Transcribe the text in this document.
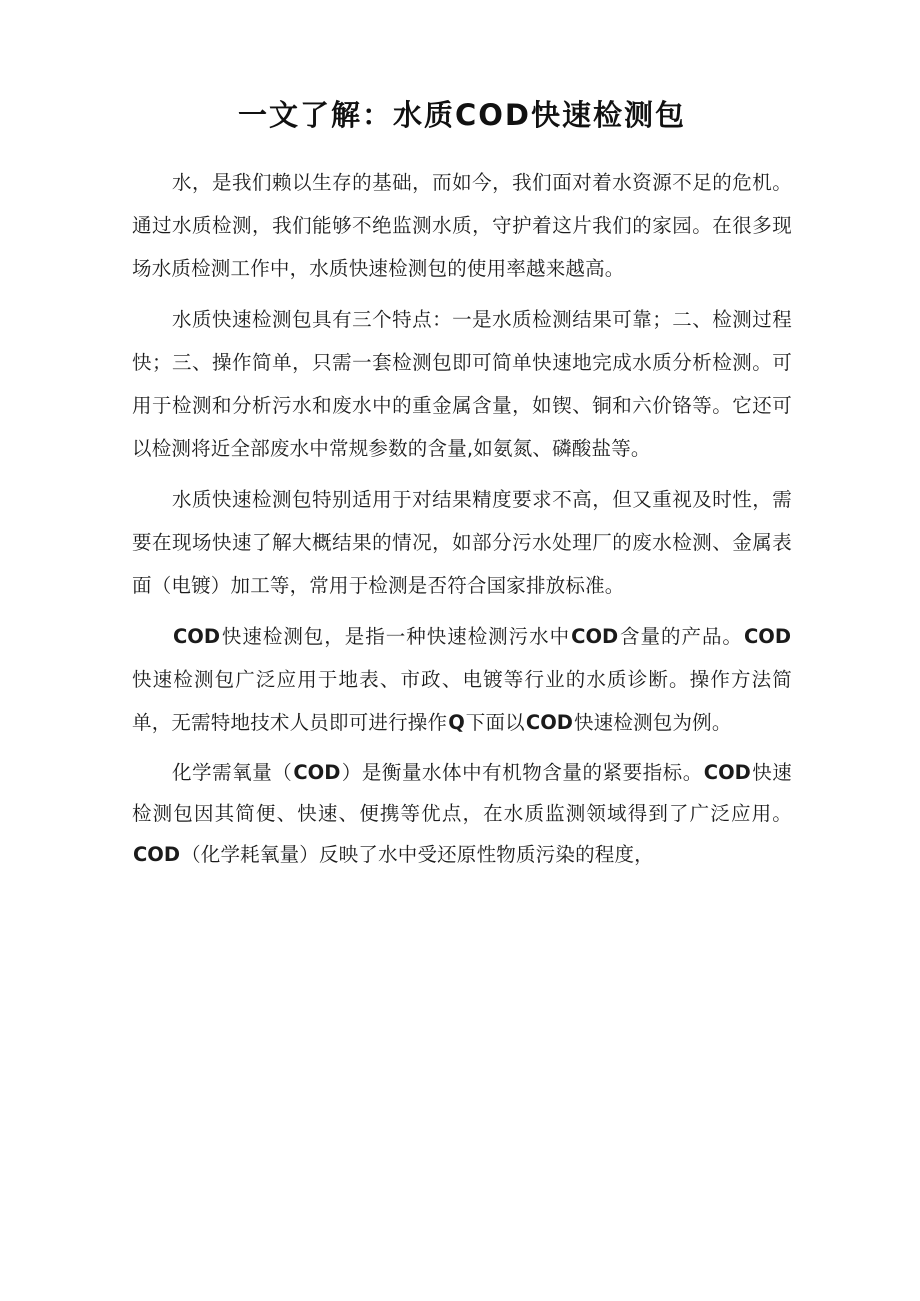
一文了解：水质COD快速检测包

水，是我们赖以生存的基础，而如今，我们面对着水资源不足的危机。通过水质检测，我们能够不绝监测水质，守护着这片我们的家园。在很多现场水质检测工作中，水质快速检测包的使用率越来越高。

水质快速检测包具有三个特点：一是水质检测结果可靠；二、检测过程快；三、操作简单，只需一套检测包即可简单快速地完成水质分析检测。可用于检测和分析污水和废水中的重金属含量，如锲、铜和六价铬等。它还可以检测将近全部废水中常规参数的含量,如氨氮、磷酸盐等。

水质快速检测包特别适用于对结果精度要求不高，但又重视及时性，需要在现场快速了解大概结果的情况，如部分污水处理厂的废水检测、金属表面（电镀）加工等，常用于检测是否符合国家排放标准。

COD快速检测包，是指一种快速检测污水中COD含量的产品。COD快速检测包广泛应用于地表、市政、电镀等行业的水质诊断。操作方法简单，无需特地技术人员即可进行操作Q下面以COD快速检测包为例。

化学需氧量（COD）是衡量水体中有机物含量的紧要指标。COD快速检测包因其简便、快速、便携等优点，在水质监测领域得到了广泛应用。COD（化学耗氧量）反映了水中受还原性物质污染的程度，
